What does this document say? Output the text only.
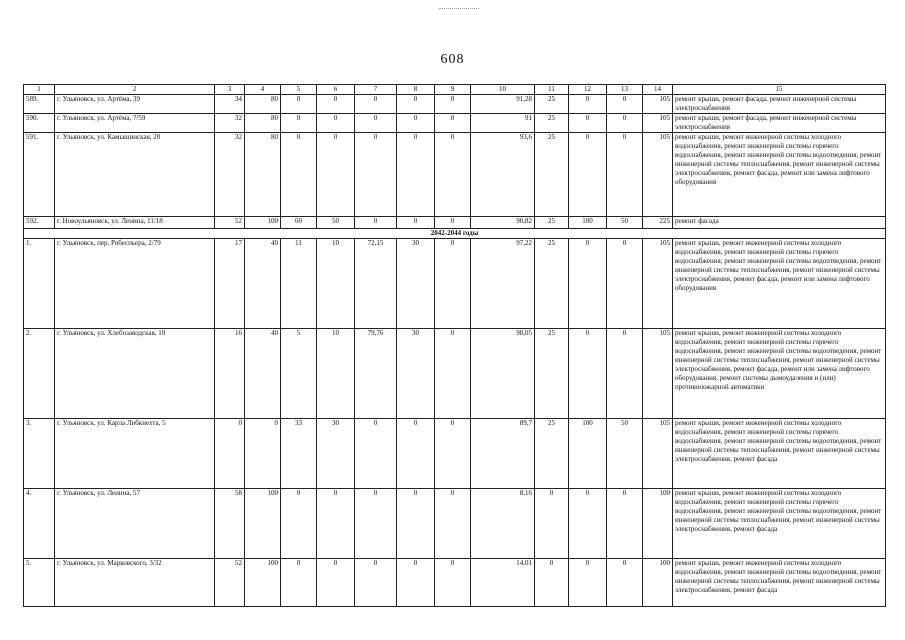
608
1	2	3	4	5	6	7	8	9	10	11	12	13	14	15
589.	г. Ульяновск, ул. Артёма, 39	34	80	0	0	0	0	0	91,28	25	0	0	105	ремонт крыши, ремонт фасада, ремонт инженерной системы электроснабжения
590.	г. Ульяновск, ул. Артёма, 7/59	32	80	0	0	0	0	0	91	25	0	0	105	ремонт крыши, ремонт фасада, ремонт инженерной системы электроснабжения
591.	г. Ульяновск, ул. Камышинская, 20	32	80	0	0	0	0	0	93,6	25	0	0	105	ремонт крыши, ремонт инженерной системы холодного водоснабжения, ремонт инженерной системы горячего водоснабжения, ремонт инженерной системы водоотведения, ремонт инженерной системы теплоснабжения, ремонт инженерной системы электроснабжения, ремонт фасада, ремонт или замена лифтового оборудования
592.	г. Новоульяновск, ул. Ленина, 11/18	52	100	60	50	0	0	0	90,82	25	100	50	225	ремонт фасада
2042-2044 годы														
1.	г. Ульяновск, пер. Робеспьера, 2/79	17	40	11	10	72,15	30	0	97,22	25	0	0	105	ремонт крыши, ремонт инженерной системы холодного водоснабжения, ремонт инженерной системы горячего водоснабжения, ремонт инженерной системы водоотведения, ремонт инженерной системы теплоснабжения, ремонт инженерной системы электроснабжения, ремонт фасада, ремонт или замена лифтового оборудования
2.	г. Ульяновск, ул. Хлебозаводская, 10	16	40	5	10	79,76	30	0	98,05	25	0	0	105	ремонт крыши, ремонт инженерной системы холодного водоснабжения, ремонт инженерной системы горячего водоснабжения, ремонт инженерной системы водоотведения, ремонт инженерной системы теплоснабжения, ремонт инженерной системы электроснабжения, ремонт фасада, ремонт или замена лифтового оборудования, ремонт системы дымоудаления и (или) противопожарной автоматики
3.	г. Ульяновск, ул. Карла Либкнехта, 5	0	0	33	30	0	0	0	89,7	25	100	50	105	ремонт крыши, ремонт инженерной системы холодного водоснабжения, ремонт инженерной системы горячего водоснабжения, ремонт инженерной системы водоотведения, ремонт инженерной системы теплоснабжения, ремонт инженерной системы электроснабжения, ремонт фасада
4.	г. Ульяновск, ул. Ленина, 57	58	100	0	0	0	0	0	8,16	0	0	0	100	ремонт крыши, ремонт инженерной системы холодного водоснабжения, ремонт инженерной системы горячего водоснабжения, ремонт инженерной системы водоотведения, ремонт инженерной системы теплоснабжения, ремонт инженерной системы электроснабжения, ремонт фасада
5.	г. Ульяновск, ул. Марковского, 3/32	52	100	0	0	0	0	0	14,01	0	0	0	100	ремонт крыши, ремонт инженерной системы холодного водоснабжения, ремонт инженерной системы водоотведения, ремонт инженерной системы теплоснабжения, ремонт инженерной системы электроснабжения, ремонт фасада
